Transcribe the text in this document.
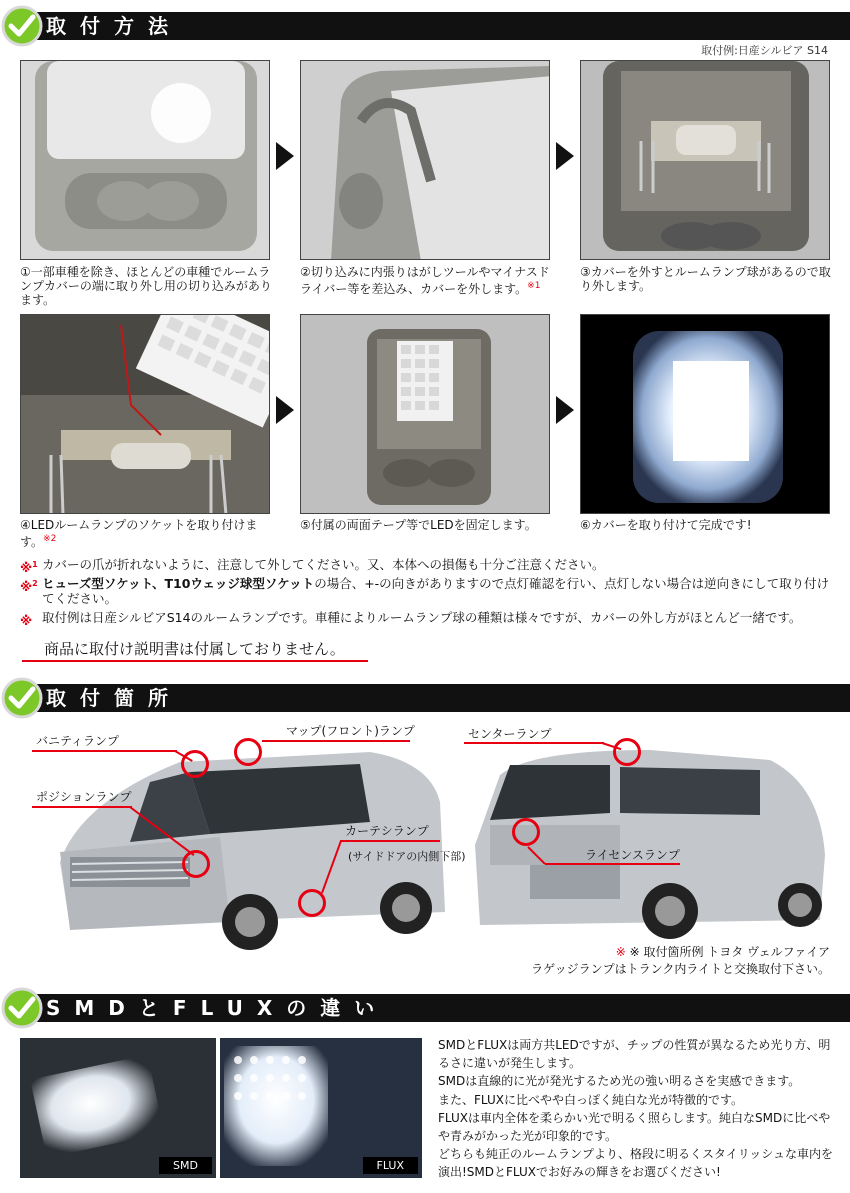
取付方法
取付例:日産シルビア S14
①一部車種を除き、ほとんどの車種でルームランプカバーの端に取り外し用の切り込みがあります。
②切り込みに内張りはがしツールやマイナスドライバー等を差込み、カバーを外します。$^{※1}$
③カバーを外すとルームランプ球があるので取り外します。
④LEDルームランプのソケットを取り付けます。$^{※2}$
⑤付属の両面テープ等でLEDを固定します。	⑥カバーを取り付けて完成です!
※$^1$ カバーの爪が折れないように、注意して外してください。又、本体への損傷も十分ご注意ください。
※$^2$ ヒューズ型ソケット、T10ウェッジ球型ソケットの場合、+-の向きがありますので点灯確認を行い、点灯しない場合は逆向きにして取り付けてください。
※ 取付例は日産シルビアS14のルームランプです。車種によりルームランプ球の種類は様々ですが、カバーの外し方がほとんど一緒です。
商品に取付け説明書は付属しておりません。
取付箇所
バニティランプ
マップ(フロント)ランプ
ポジションランプ
カーテシランプ
(サイドドアの内側下部)
センターランプ
ライセンスランプ
※ ※ 取付箇所例 トヨタ ヴェルファイア
ラゲッジランプはトランク内ライトと交換取付下さい。
SMDとFLUXの違い
SMD	FLUX
SMDとFLUXは両方共LEDですが、チップの性質が異なるため光り方、明るさに違いが発生します。
SMDは直線的に光が発光するため光の強い明るさを実感できます。
また、FLUXに比べやや白っぽく純白な光が特徴的です。
FLUXは車内全体を柔らかい光で明るく照らします。純白なSMDに比べやや青みがかった光が印象的です。
どちらも純正のルームランプより、格段に明るくスタイリッシュな車内を演出!SMDとFLUXでお好みの輝きをお選びください!
